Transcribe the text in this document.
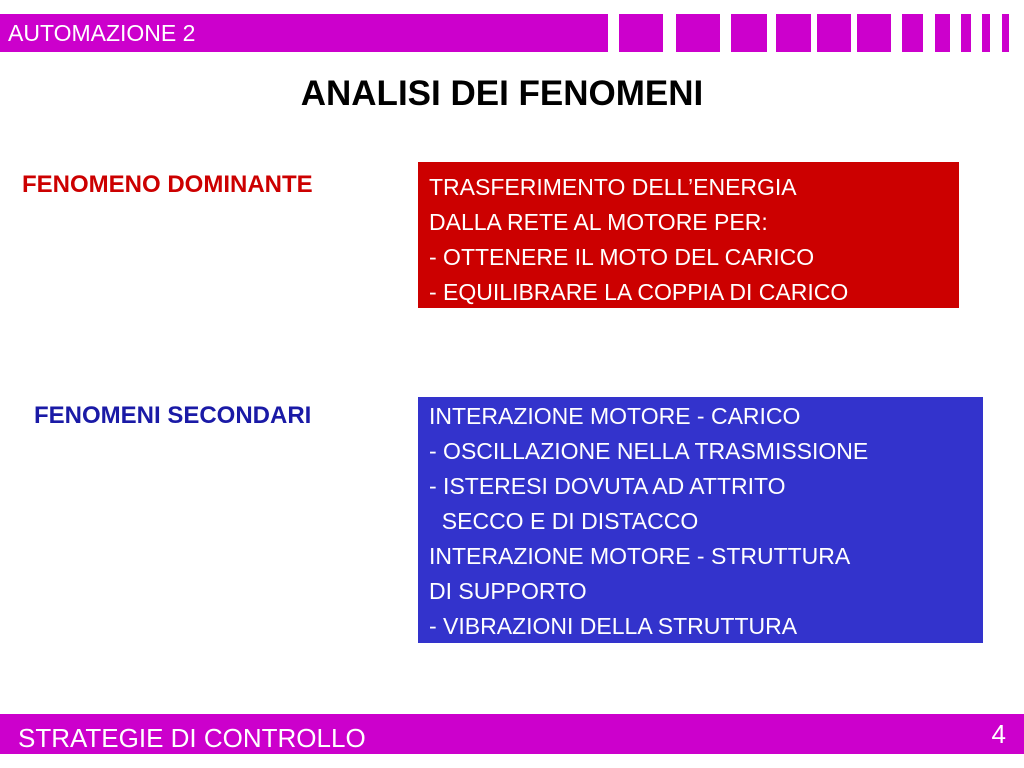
AUTOMAZIONE 2
ANALISI DEI FENOMENI
FENOMENO DOMINANTE	TRASFERIMENTO DELL’ENERGIA
DALLA RETE AL MOTORE PER:
- OTTENERE IL MOTO DEL CARICO
- EQUILIBRARE LA COPPIA DI CARICO
FENOMENI SECONDARI	INTERAZIONE MOTORE - CARICO
- OSCILLAZIONE NELLA TRASMISSIONE
- ISTERESI DOVUTA AD ATTRITO
SECCO E DI DISTACCO
INTERAZIONE MOTORE - STRUTTURA
DI SUPPORTO
- VIBRAZIONI DELLA STRUTTURA
STRATEGIE DI CONTROLLO	4
